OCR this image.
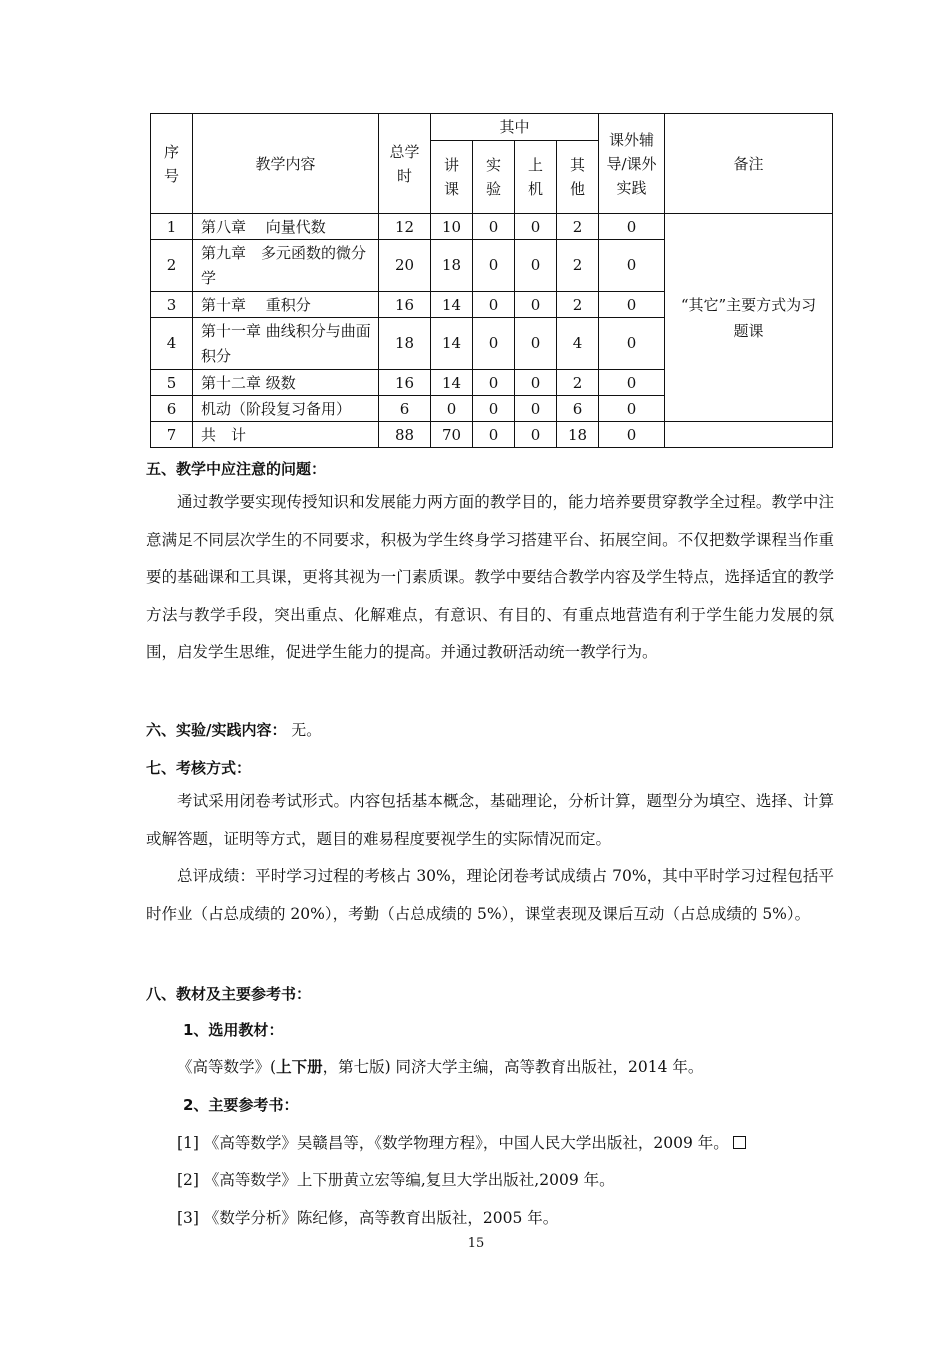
序号	教学内容	总学时	其中				课外辅导/课外实践	备注
			讲课	实验	上机	其他		
1	第八章　 向量代数	12	10	0	0	2	0	“其它”主要方式为习题课
2	第九章　多元函数的微分学	20	18	0	0	2	0	
3	第十章　 重积分	16	14	0	0	2	0	
4	第十一章 曲线积分与曲面积分	18	14	0	0	4	0	
5	第十二章 级数	16	14	0	0	2	0	
6	机动（阶段复习备用）	6	0	0	0	6	0	
7	共　计	88	70	0	0	18	0	
五、教学中应注意的问题：
通过教学要实现传授知识和发展能力两方面的教学目的，能力培养要贯穿教学全过程。教学中注意满足不同层次学生的不同要求，积极为学生终身学习搭建平台、拓展空间。不仅把数学课程当作重要的基础课和工具课，更将其视为一门素质课。教学中要结合教学内容及学生特点，选择适宜的教学方法与教学手段，突出重点、化解难点，有意识、有目的、有重点地营造有利于学生能力发展的氛围，启发学生思维，促进学生能力的提高。并通过教研活动统一教学行为。
六、实验/实践内容： 无。
七、考核方式：
考试采用闭卷考试形式。内容包括基本概念，基础理论，分析计算，题型分为填空、选择、计算或解答题，证明等方式，题目的难易程度要视学生的实际情况而定。
总评成绩：平时学习过程的考核占 30%，理论闭卷考试成绩占 70%，其中平时学习过程包括平时作业（占总成绩的 20%），考勤（占总成绩的 5%），课堂表现及课后互动（占总成绩的 5%）。
八、教材及主要参考书：
1、选用教材：
《高等数学》(上下册，第七版) 同济大学主编，高等教育出版社，2014 年。
2、主要参考书：
[1] 《高等数学》吴赣昌等，《数学物理方程》，中国人民大学出版社，2009 年。
[2] 《高等数学》上下册黄立宏等编,复旦大学出版社,2009 年。
[3] 《数学分析》陈纪修，高等教育出版社，2005 年。
15
